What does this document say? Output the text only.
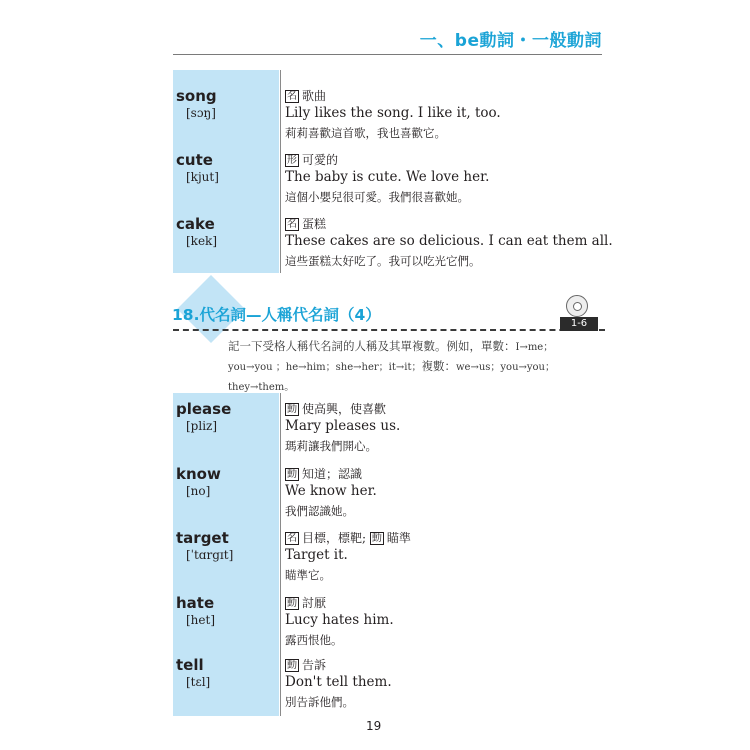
一、be動詞・一般動詞
song
[sɔŋ]
名 歌曲
Lily likes the song. I like it, too.
莉莉喜歡這首歌，我也喜歡它。
cute
[kjut]
形 可愛的
The baby is cute. We love her.
這個小嬰兒很可愛。我們很喜歡她。
cake
[kek]
名 蛋糕
These cakes are so delicious. I can eat them all.
這些蛋糕太好吃了。我可以吃光它們。
18.代名詞—人稱代名詞（4）	1-6
記一下受格人稱代名詞的人稱及其單複數。例如，單數：I→me；
you→you ；he→him；she→her；it→it；複數：we→us；you→you；
they→them。
please
[pliz]
動 使高興，使喜歡
Mary pleases us.
瑪莉讓我們開心。
know
[no]
動 知道；認識
We know her.
我們認識她。
target
[ˈtɑrgɪt]
名 目標，標靶; 動 瞄準
Target it.
瞄準它。
hate
[het]
動 討厭
Lucy hates him.
露西恨他。
tell
[tɛl]
動 告訴
Don't tell them.
別告訴他們。
19
